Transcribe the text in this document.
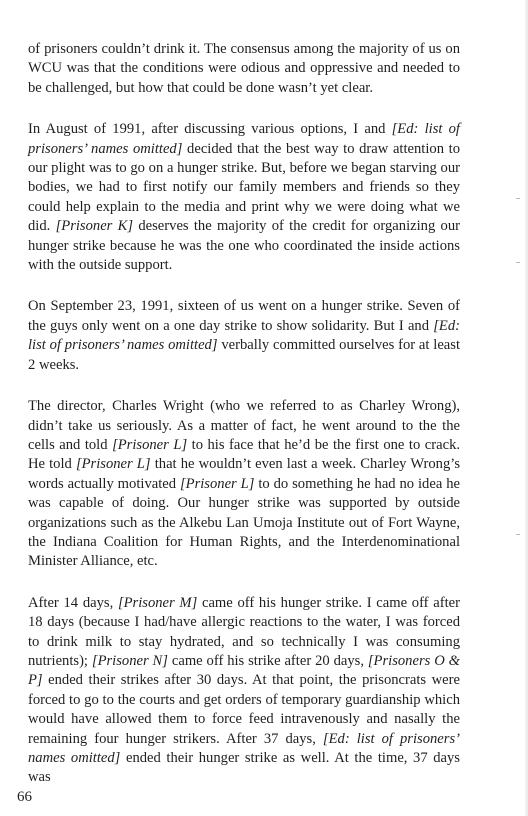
of prisoners couldn’t drink it. The consensus among the majority of us on WCU was that the conditions were odious and oppressive and needed to be challenged, but how that could be done wasn’t yet clear.

In August of 1991, after discussing various options, I and [Ed: list of prisoners’ names omitted] decided that the best way to draw attention to our plight was to go on a hunger strike. But, before we began starving our bodies, we had to first notify our family members and friends so they could help explain to the media and print why we were doing what we did. [Prisoner K] deserves the majority of the credit for organizing our hunger strike because he was the one who coordinated the inside actions with the outside support.

On September 23, 1991, sixteen of us went on a hunger strike. Seven of the guys only went on a one day strike to show solidarity. But I and [Ed: list of prisoners’ names omitted] verbally committed ourselves for at least 2 weeks.

The director, Charles Wright (who we referred to as Charley Wrong), didn’t take us seriously. As a matter of fact, he went around to the the cells and told [Prisoner L] to his face that he’d be the first one to crack. He told [Prisoner L] that he wouldn’t even last a week. Charley Wrong’s words actually motivated [Prisoner L] to do something he had no idea he was capable of doing. Our hunger strike was supported by outside organizations such as the Alkebu Lan Umoja Institute out of Fort Wayne, the Indiana Coalition for Human Rights, and the Interdenominational Minister Alliance, etc.

After 14 days, [Prisoner M] came off his hunger strike. I came off after 18 days (because I had/have allergic reactions to the water, I was forced to drink milk to stay hydrated, and so technically I was consuming nutrients); [Prisoner N] came off his strike after 20 days, [Prisoners O & P] ended their strikes after 30 days. At that point, the prisoncrats were forced to go to the courts and get orders of temporary guardianship which would have allowed them to force feed intravenously and nasally the remaining four hunger strikers. After 37 days, [Ed: list of prisoners’ names omitted] ended their hunger strike as well. At the time, 37 days was

66
